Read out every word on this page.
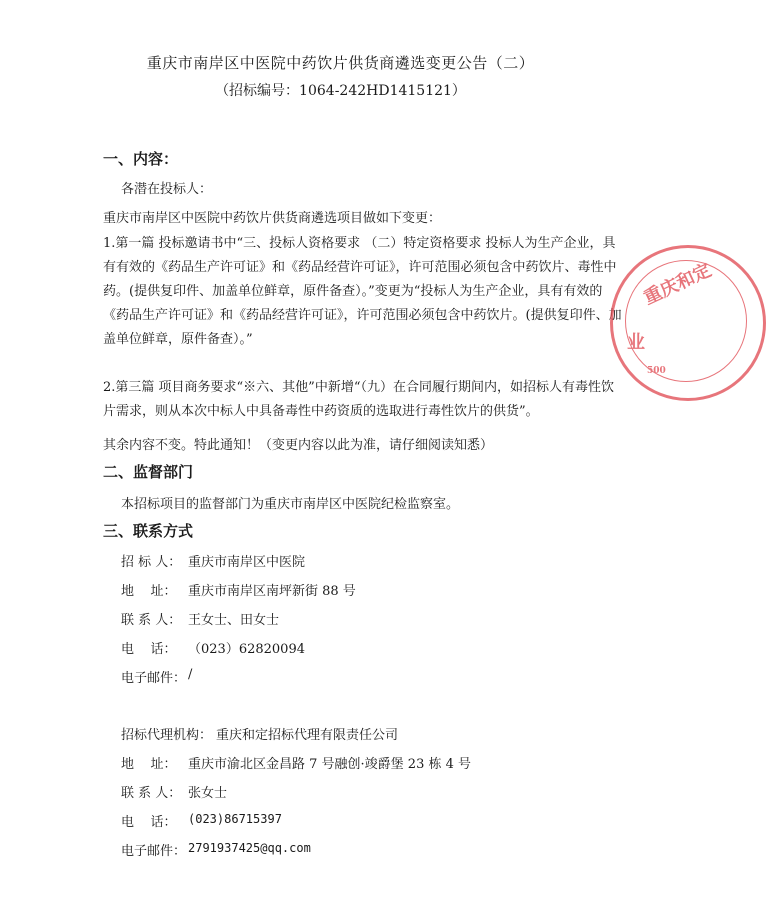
重庆市南岸区中医院中药饮片供货商遴选变更公告（二）
（招标编号：1064-242HD1415121）
一、内容：
各潜在投标人：
重庆市南岸区中医院中药饮片供货商遴选项目做如下变更：
1.第一篇 投标邀请书中“三、投标人资格要求 （二）特定资格要求 投标人为生产企业，具有有效的《药品生产许可证》和《药品经营许可证》，许可范围必须包含中药饮片、毒性中药。(提供复印件、加盖单位鲜章，原件备查）。”变更为“投标人为生产企业，具有有效的《药品生产许可证》和《药品经营许可证》，许可范围必须包含中药饮片。(提供复印件、加盖单位鲜章，原件备查）。”
2.第三篇 项目商务要求“※六、其他”中新增“（九）在合同履行期间内，如招标人有毒性饮片需求，则从本次中标人中具备毒性中药资质的选取进行毒性饮片的供货”。
其余内容不变。特此通知！（变更内容以此为准，请仔细阅读知悉）
二、监督部门
本招标项目的监督部门为重庆市南岸区中医院纪检监察室。
三、联系方式
招 标 人： 重庆市南岸区中医院
地    址： 重庆市南岸区南坪新街 88 号
联 系 人： 王女士、田女士
电    话： （023）62820094
电子邮件： /
招标代理机构： 重庆和定招标代理有限责任公司
地    址： 重庆市渝北区金昌路 7 号融创·竣爵堡 23 栋 4 号
联 系 人： 张女士
电    话： (023)86715397
电子邮件： 2791937425@qq.com
重庆和定
业
500
